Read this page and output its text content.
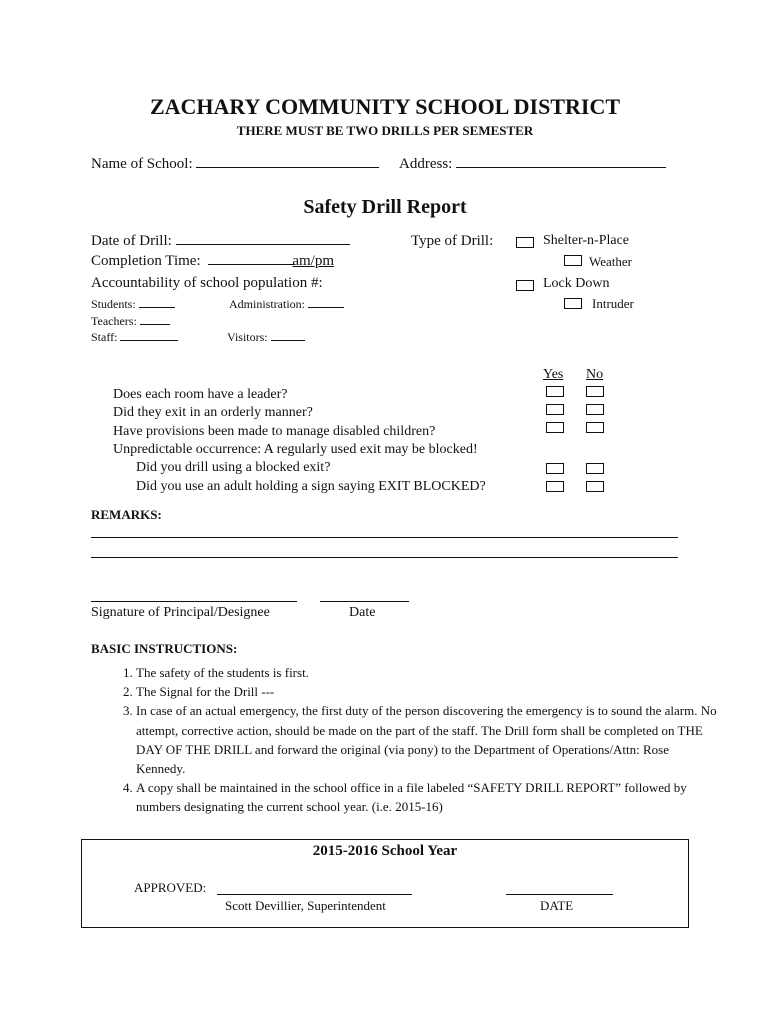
ZACHARY COMMUNITY SCHOOL DISTRICT
THERE MUST BE TWO DRILLS PER SEMESTER
Name of School:	Address:
Safety Drill Report
Date of Drill:
Completion Time:	am/pm
Accountability of school population #:
Students:	Administration:
Teachers:
Staff:	Visitors:
Type of Drill:	Shelter-n-Place
Weather
Lock Down
Intruder
Yes No
Does each room have a leader?
Did they exit in an orderly manner?
Have provisions been made to manage disabled children?
Unpredictable occurrence: A regularly used exit may be blocked!
Did you drill using a blocked exit?
Did you use an adult holding a sign saying EXIT BLOCKED?
REMARKS:
Signature of Principal/Designee	Date
BASIC INSTRUCTIONS:
1. The safety of the students is first.
2. The Signal for the Drill ---
3. In case of an actual emergency, the first duty of the person discovering the emergency is to sound the alarm. No attempt, corrective action, should be made on the part of the staff. The Drill form shall be completed on THE DAY OF THE DRILL and forward the original (via pony) to the Department of Operations/Attn: Rose Kennedy.
4. A copy shall be maintained in the school office in a file labeled “SAFETY DRILL REPORT” followed by numbers designating the current school year. (i.e. 2015-16)
2015-2016 School Year
APPROVED:
Scott Devillier, Superintendent	DATE
